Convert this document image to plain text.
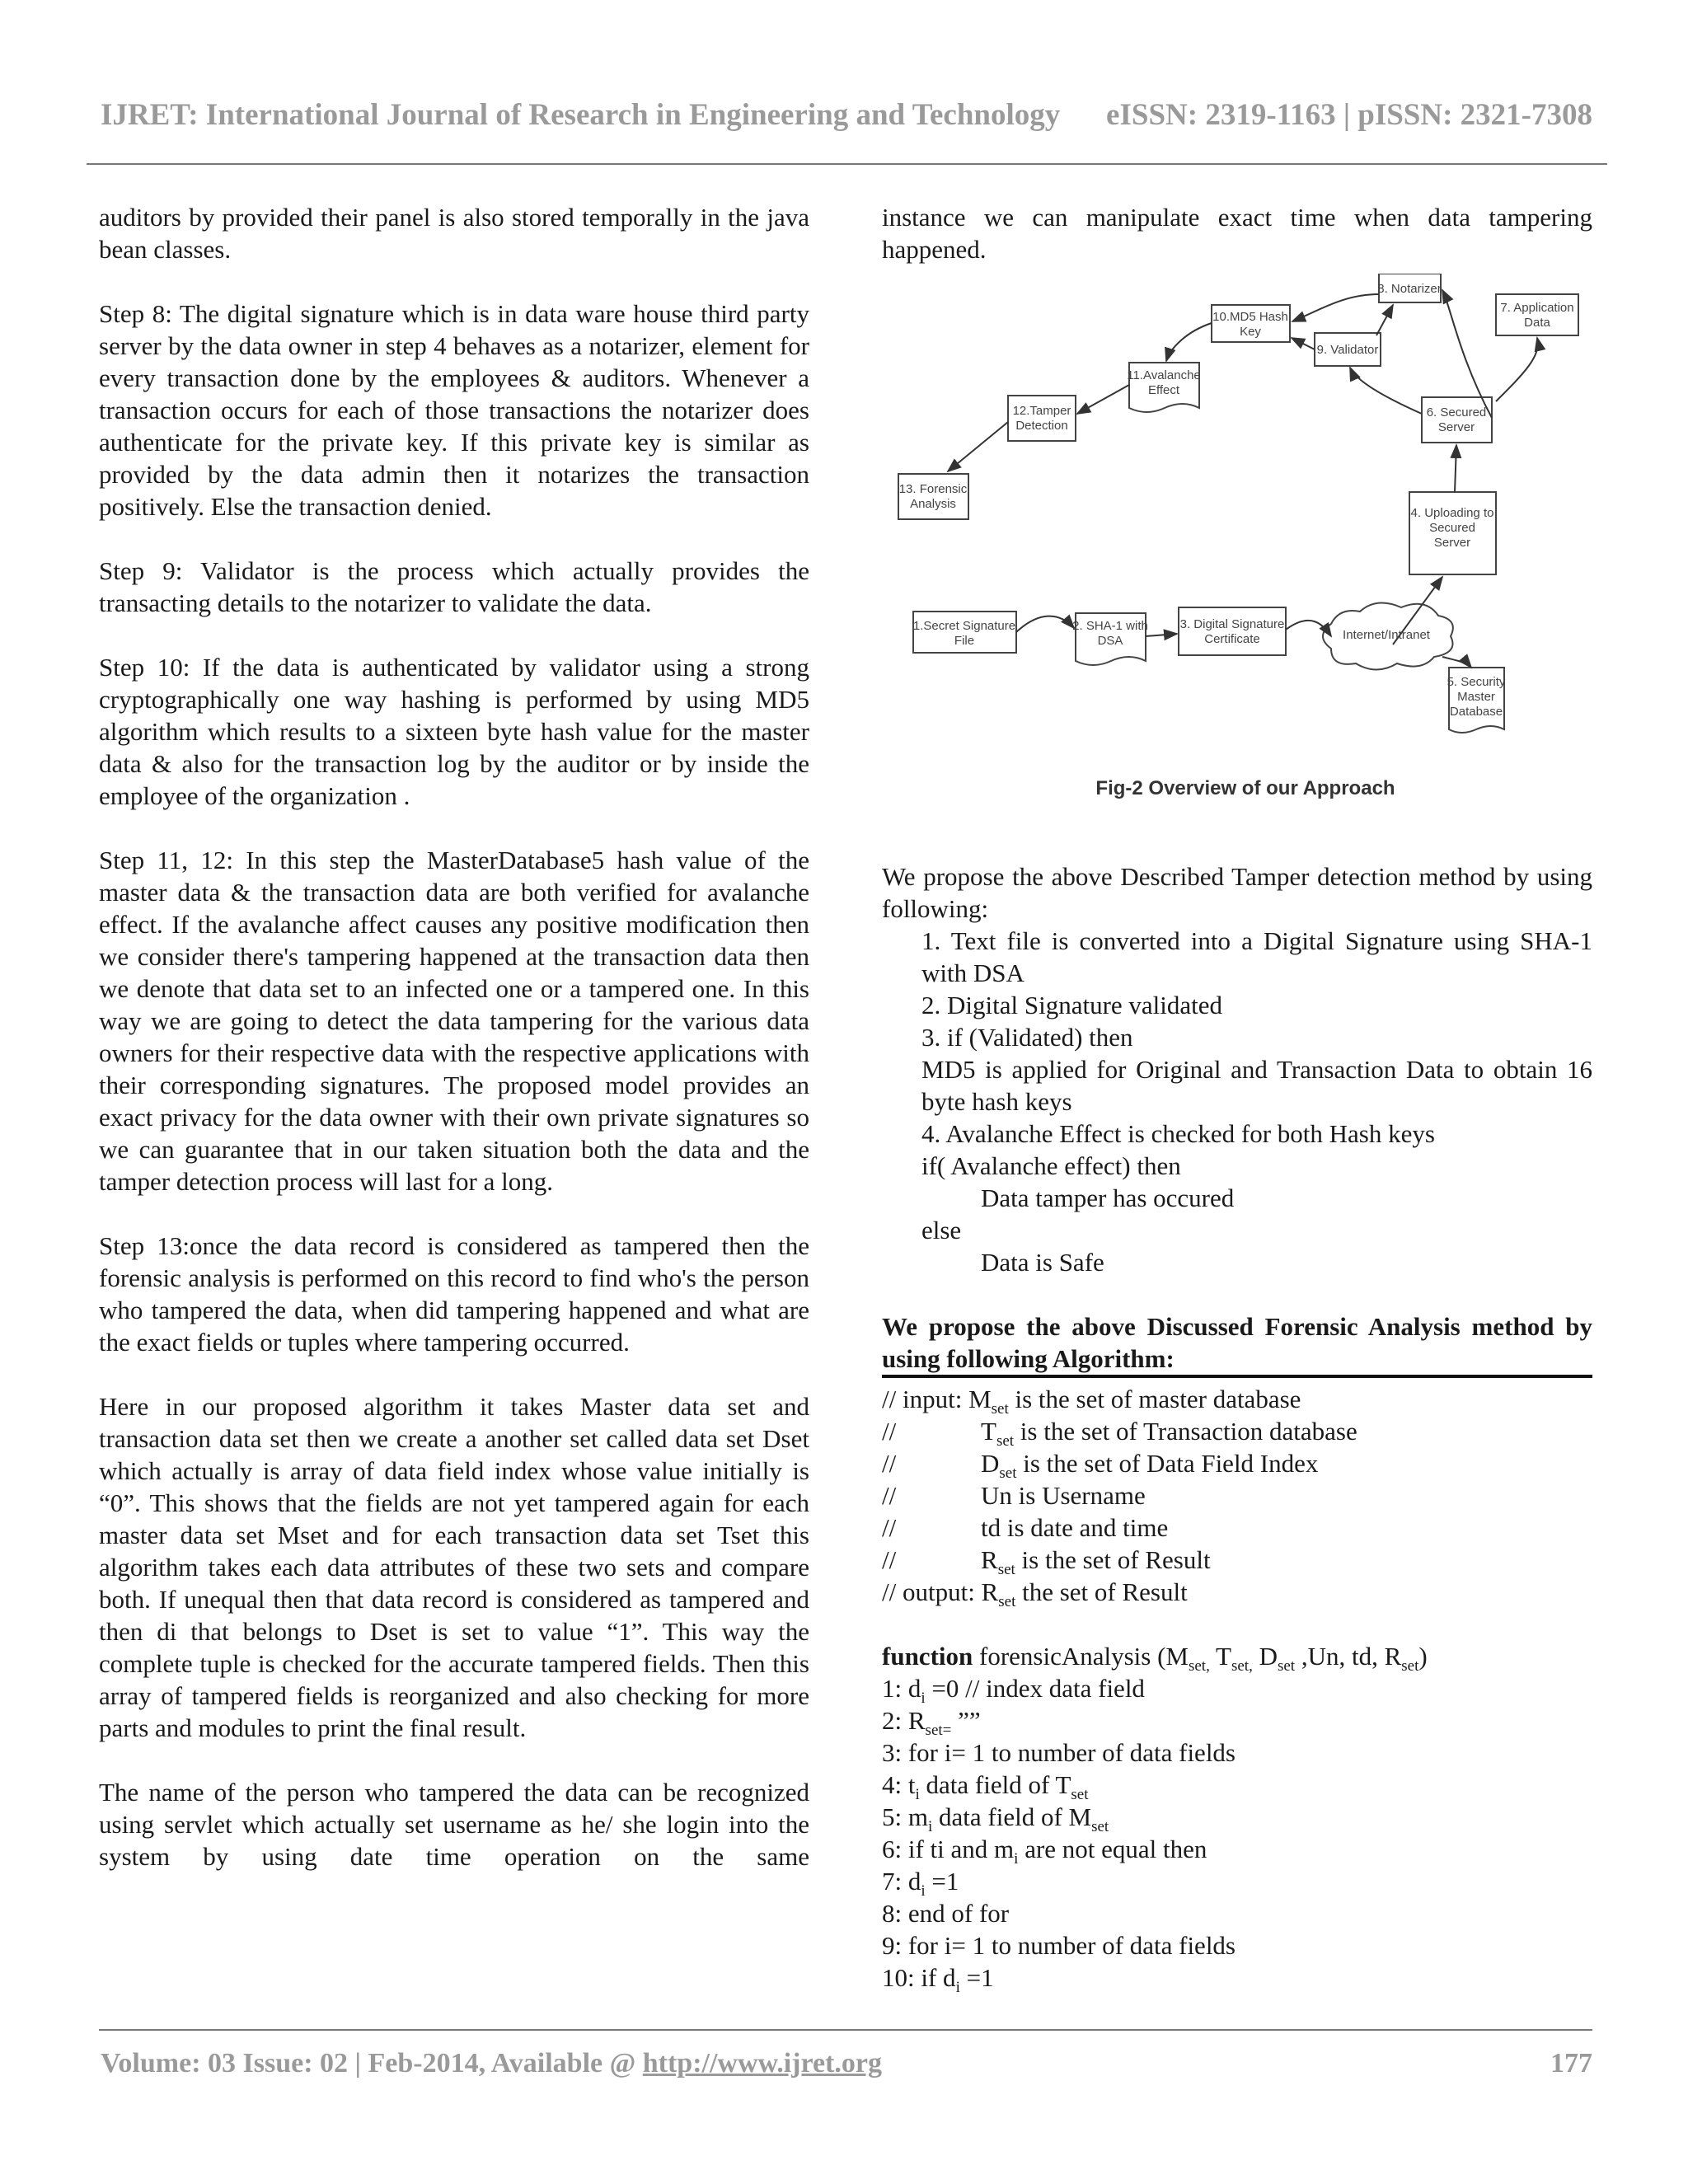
IJRET: International Journal of Research in Engineering and Technology eISSN: 2319-1163 | pISSN: 2321-7308

auditors by provided their panel is also stored temporally in the java bean classes.

Step 8: The digital signature which is in data ware house third party server by the data owner in step 4 behaves as a notarizer, element for every transaction done by the employees & auditors. Whenever a transaction occurs for each of those transactions the notarizer does authenticate for the private key. If this private key is similar as provided by the data admin then it notarizes the transaction positively. Else the transaction denied.

Step 9: Validator is the process which actually provides the transacting details to the notarizer to validate the data.

Step 10: If the data is authenticated by validator using a strong cryptographically one way hashing is performed by using MD5 algorithm which results to a sixteen byte hash value for the master data & also for the transaction log by the auditor or by inside the employee of the organization .

Step 11, 12: In this step the MasterDatabase5 hash value of the master data & the transaction data are both verified for avalanche effect. If the avalanche affect causes any positive modification then we consider there's tampering happened at the transaction data then we denote that data set to an infected one or a tampered one. In this way we are going to detect the data tampering for the various data owners for their respective data with the respective applications with their corresponding signatures. The proposed model provides an exact privacy for the data owner with their own private signatures so we can guarantee that in our taken situation both the data and the tamper detection process will last for a long.

Step 13:once the data record is considered as tampered then the forensic analysis is performed on this record to find who's the person who tampered the data, when did tampering happened and what are the exact fields or tuples where tampering occurred.

Here in our proposed algorithm it takes Master data set and transaction data set then we create a another set called data set Dset which actually is array of data field index whose value initially is “0”. This shows that the fields are not yet tampered again for each master data set Mset and for each transaction data set Tset this algorithm takes each data attributes of these two sets and compare both. If unequal then that data record is considered as tampered and then di that belongs to Dset is set to value “1”. This way the complete tuple is checked for the accurate tampered fields. Then this array of tampered fields is reorganized and also checking for more parts and modules to print the final result.

The name of the person who tampered the data can be recognized using servlet which actually set username as he/ she login into the system by using date time operation on the same

instance we can manipulate exact time when data tampering happened.

1.Secret Signature
File
2. SHA-1 with
DSA
3. Digital Signature
Certificate	Internet/Intranet
5. Security
Master
Database
4. Uploading to
Secured
Server
6. Secured
Server
7. Application
Data
8. Notarizer
9. Validator
10.MD5 Hash
Key
11.Avalanche
Effect
12.Tamper
Detection
13. Forensic
Analysis
Fig-2 Overview of our Approach

We propose the above Described Tamper detection method by using following:

1. Text file is converted into a Digital Signature using SHA-1 with DSA
2. Digital Signature validated
3. if (Validated) then
MD5 is applied for Original and Transaction Data to obtain 16 byte hash keys
4. Avalanche Effect is checked for both Hash keys
if( Avalanche effect) then
Data tamper has occured
else
Data is Safe
We propose the above Discussed Forensic Analysis method by using following Algorithm:
// input: $M_{set}$ is the set of master database
//	$T_{set}$ is the set of Transaction database
//	$D_{set}$ is the set of Data Field Index
//	Un is Username
//	td is date and time
//	$R_{set}$ is the set of Result
// output: $R_{set}$ the set of Result
function forensicAnalysis ($M_{set,}$ $T_{set,}$ $D_{set}$ ,Un, td, $R_{set}$)
1: $d_i =0$ // index data field
2: $R_{set=}$ ””
3: for i= 1 to number of data fields
4: $t_i$ data field of $T_{set}$
5: $m_i$ data field of $M_{set}$
6: if ti and $m_i$ are not equal then
7: $d_i =1$
8: end of for
9: for i= 1 to number of data fields
10: if $d_i =1$
Volume: 03 Issue: 02 | Feb-2014, Available @ http://www.ijret.org	177
